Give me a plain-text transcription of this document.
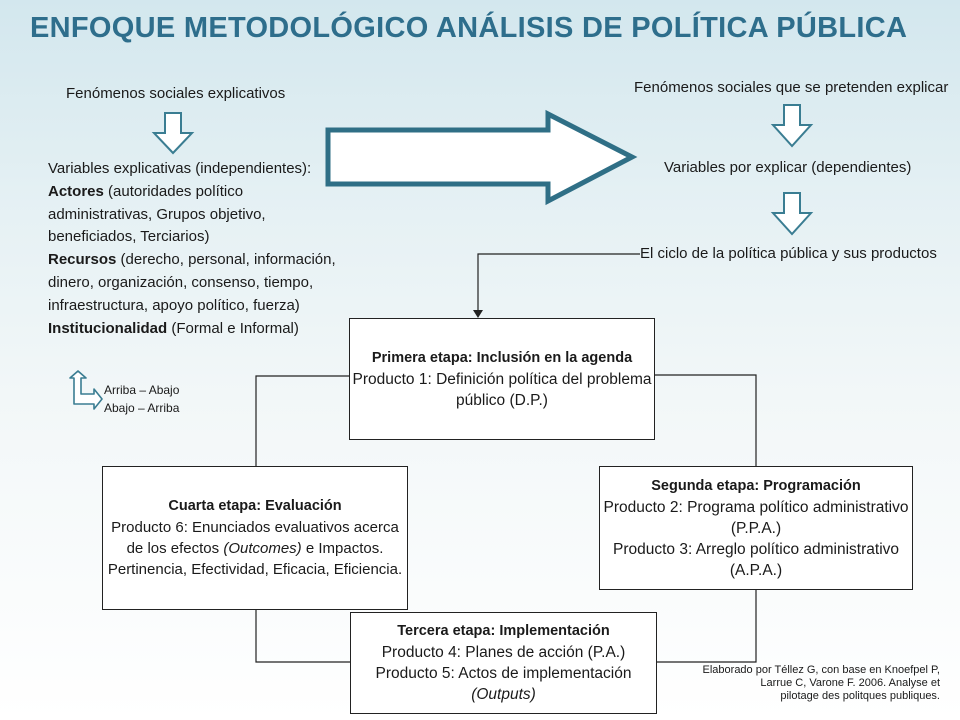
ENFOQUE METODOLÓGICO ANÁLISIS DE POLÍTICA PÚBLICA
Fenómenos sociales explicativos
Variables explicativas (independientes):
Actores (autoridades político administrativas, Grupos objetivo, beneficiados, Terciarios)
Recursos (derecho, personal, información, dinero, organización, consenso, tiempo, infraestructura, apoyo político, fuerza)
Institucionalidad (Formal e Informal)
Arriba – Abajo
Abajo – Arriba
Fenómenos sociales que se pretenden explicar
Variables por explicar (dependientes)
El ciclo de la política pública y sus productos
Primera etapa: Inclusión en la agenda
Producto 1: Definición política del problema
público (D.P.)
Segunda etapa: Programación
Producto 2: Programa político administrativo
(P.P.A.)
Producto 3: Arreglo político administrativo
(A.P.A.)
Cuarta etapa: Evaluación
Producto 6: Enunciados evaluativos acerca
de los efectos (Outcomes) e Impactos.
Pertinencia, Efectividad, Eficacia, Eficiencia.
Tercera etapa: Implementación
Producto 4: Planes de acción (P.A.)
Producto 5: Actos de implementación
(Outputs)
Elaborado por Téllez G, con base en Knoefpel P,
Larrue C, Varone F. 2006. Analyse et
pilotage des politques publiques.
